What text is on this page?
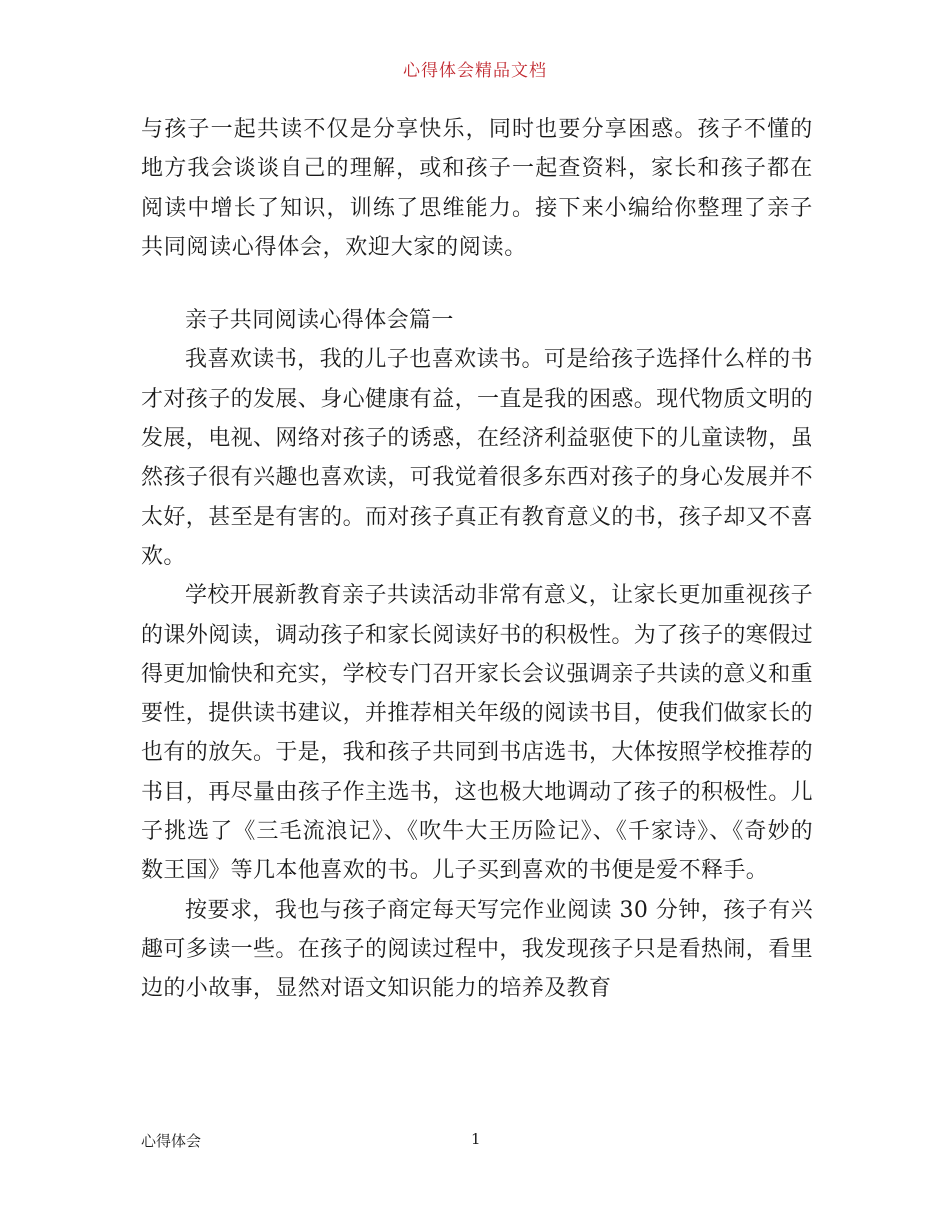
心得体会精品文档

与孩子一起共读不仅是分享快乐，同时也要分享困惑。孩子不懂的地方我会谈谈自己的理解，或和孩子一起查资料，家长和孩子都在阅读中增长了知识，训练了思维能力。接下来小编给你整理了亲子共同阅读心得体会，欢迎大家的阅读。

亲子共同阅读心得体会篇一

我喜欢读书，我的儿子也喜欢读书。可是给孩子选择什么样的书才对孩子的发展、身心健康有益，一直是我的困惑。现代物质文明的发展，电视、网络对孩子的诱惑，在经济利益驱使下的儿童读物，虽然孩子很有兴趣也喜欢读，可我觉着很多东西对孩子的身心发展并不太好，甚至是有害的。而对孩子真正有教育意义的书，孩子却又不喜欢。

学校开展新教育亲子共读活动非常有意义，让家长更加重视孩子的课外阅读，调动孩子和家长阅读好书的积极性。为了孩子的寒假过得更加愉快和充实，学校专门召开家长会议强调亲子共读的意义和重要性，提供读书建议，并推荐相关年级的阅读书目，使我们做家长的也有的放矢。于是，我和孩子共同到书店选书，大体按照学校推荐的书目，再尽量由孩子作主选书，这也极大地调动了孩子的积极性。儿子挑选了《三毛流浪记》、《吹牛大王历险记》、《千家诗》、《奇妙的数王国》等几本他喜欢的书。儿子买到喜欢的书便是爱不释手。

按要求，我也与孩子商定每天写完作业阅读 30 分钟，孩子有兴趣可多读一些。在孩子的阅读过程中，我发现孩子只是看热闹，看里边的小故事，显然对语文知识能力的培养及教育

心得体会	1
